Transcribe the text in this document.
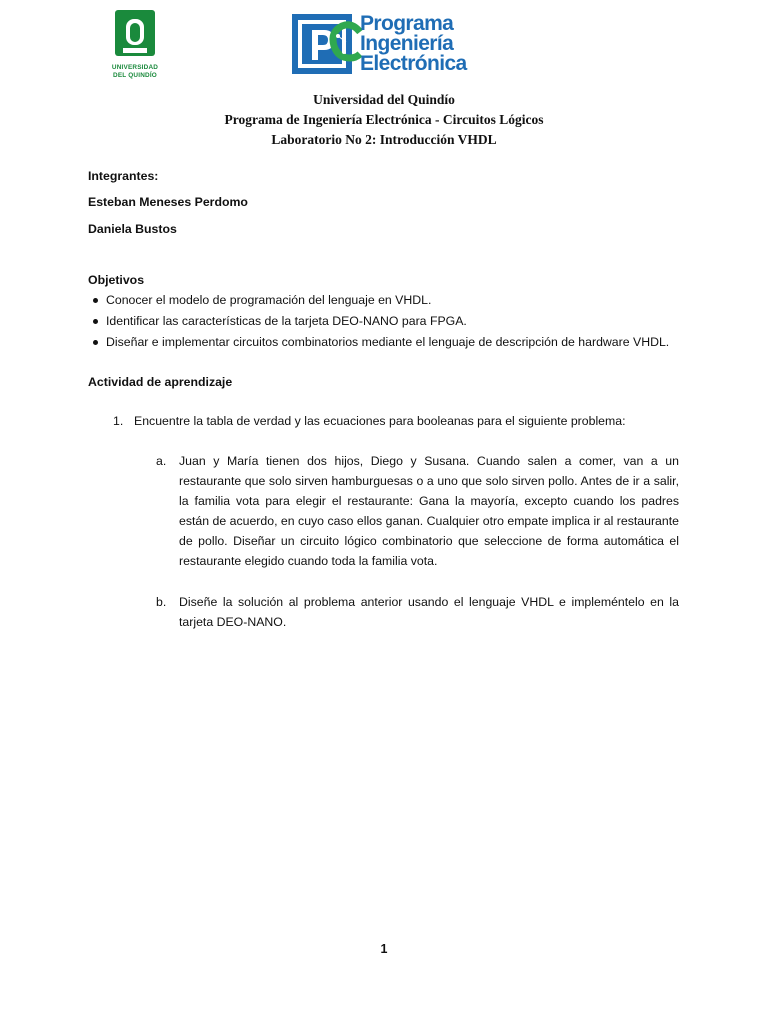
UNIVERSIDAD
DEL QUINDÍO
Programa
Ingeniería
Electrónica
Universidad del Quindío
Programa de Ingeniería Electrónica - Circuitos Lógicos
Laboratorio No 2: Introducción VHDL
Integrantes:
Esteban Meneses Perdomo
Daniela Bustos
Objetivos
Conocer el modelo de programación del lenguaje en VHDL.
Identificar las características de la tarjeta DEO-NANO para FPGA.
Diseñar e implementar circuitos combinatorios mediante el lenguaje de descripción de hardware VHDL.
Actividad de aprendizaje
1. Encuentre la tabla de verdad y las ecuaciones para booleanas para el siguiente problema:
a. Juan y María tienen dos hijos, Diego y Susana. Cuando salen a comer, van a un restaurante que solo sirven hamburguesas o a uno que solo sirven pollo. Antes de ir a salir, la familia vota para elegir el restaurante: Gana la mayoría, excepto cuando los padres están de acuerdo, en cuyo caso ellos ganan. Cualquier otro empate implica ir al restaurante de pollo. Diseñar un circuito lógico combinatorio que seleccione de forma automática el restaurante elegido cuando toda la familia vota.
b. Diseñe la solución al problema anterior usando el lenguaje VHDL e impleméntelo en la tarjeta DEO-NANO.
1
